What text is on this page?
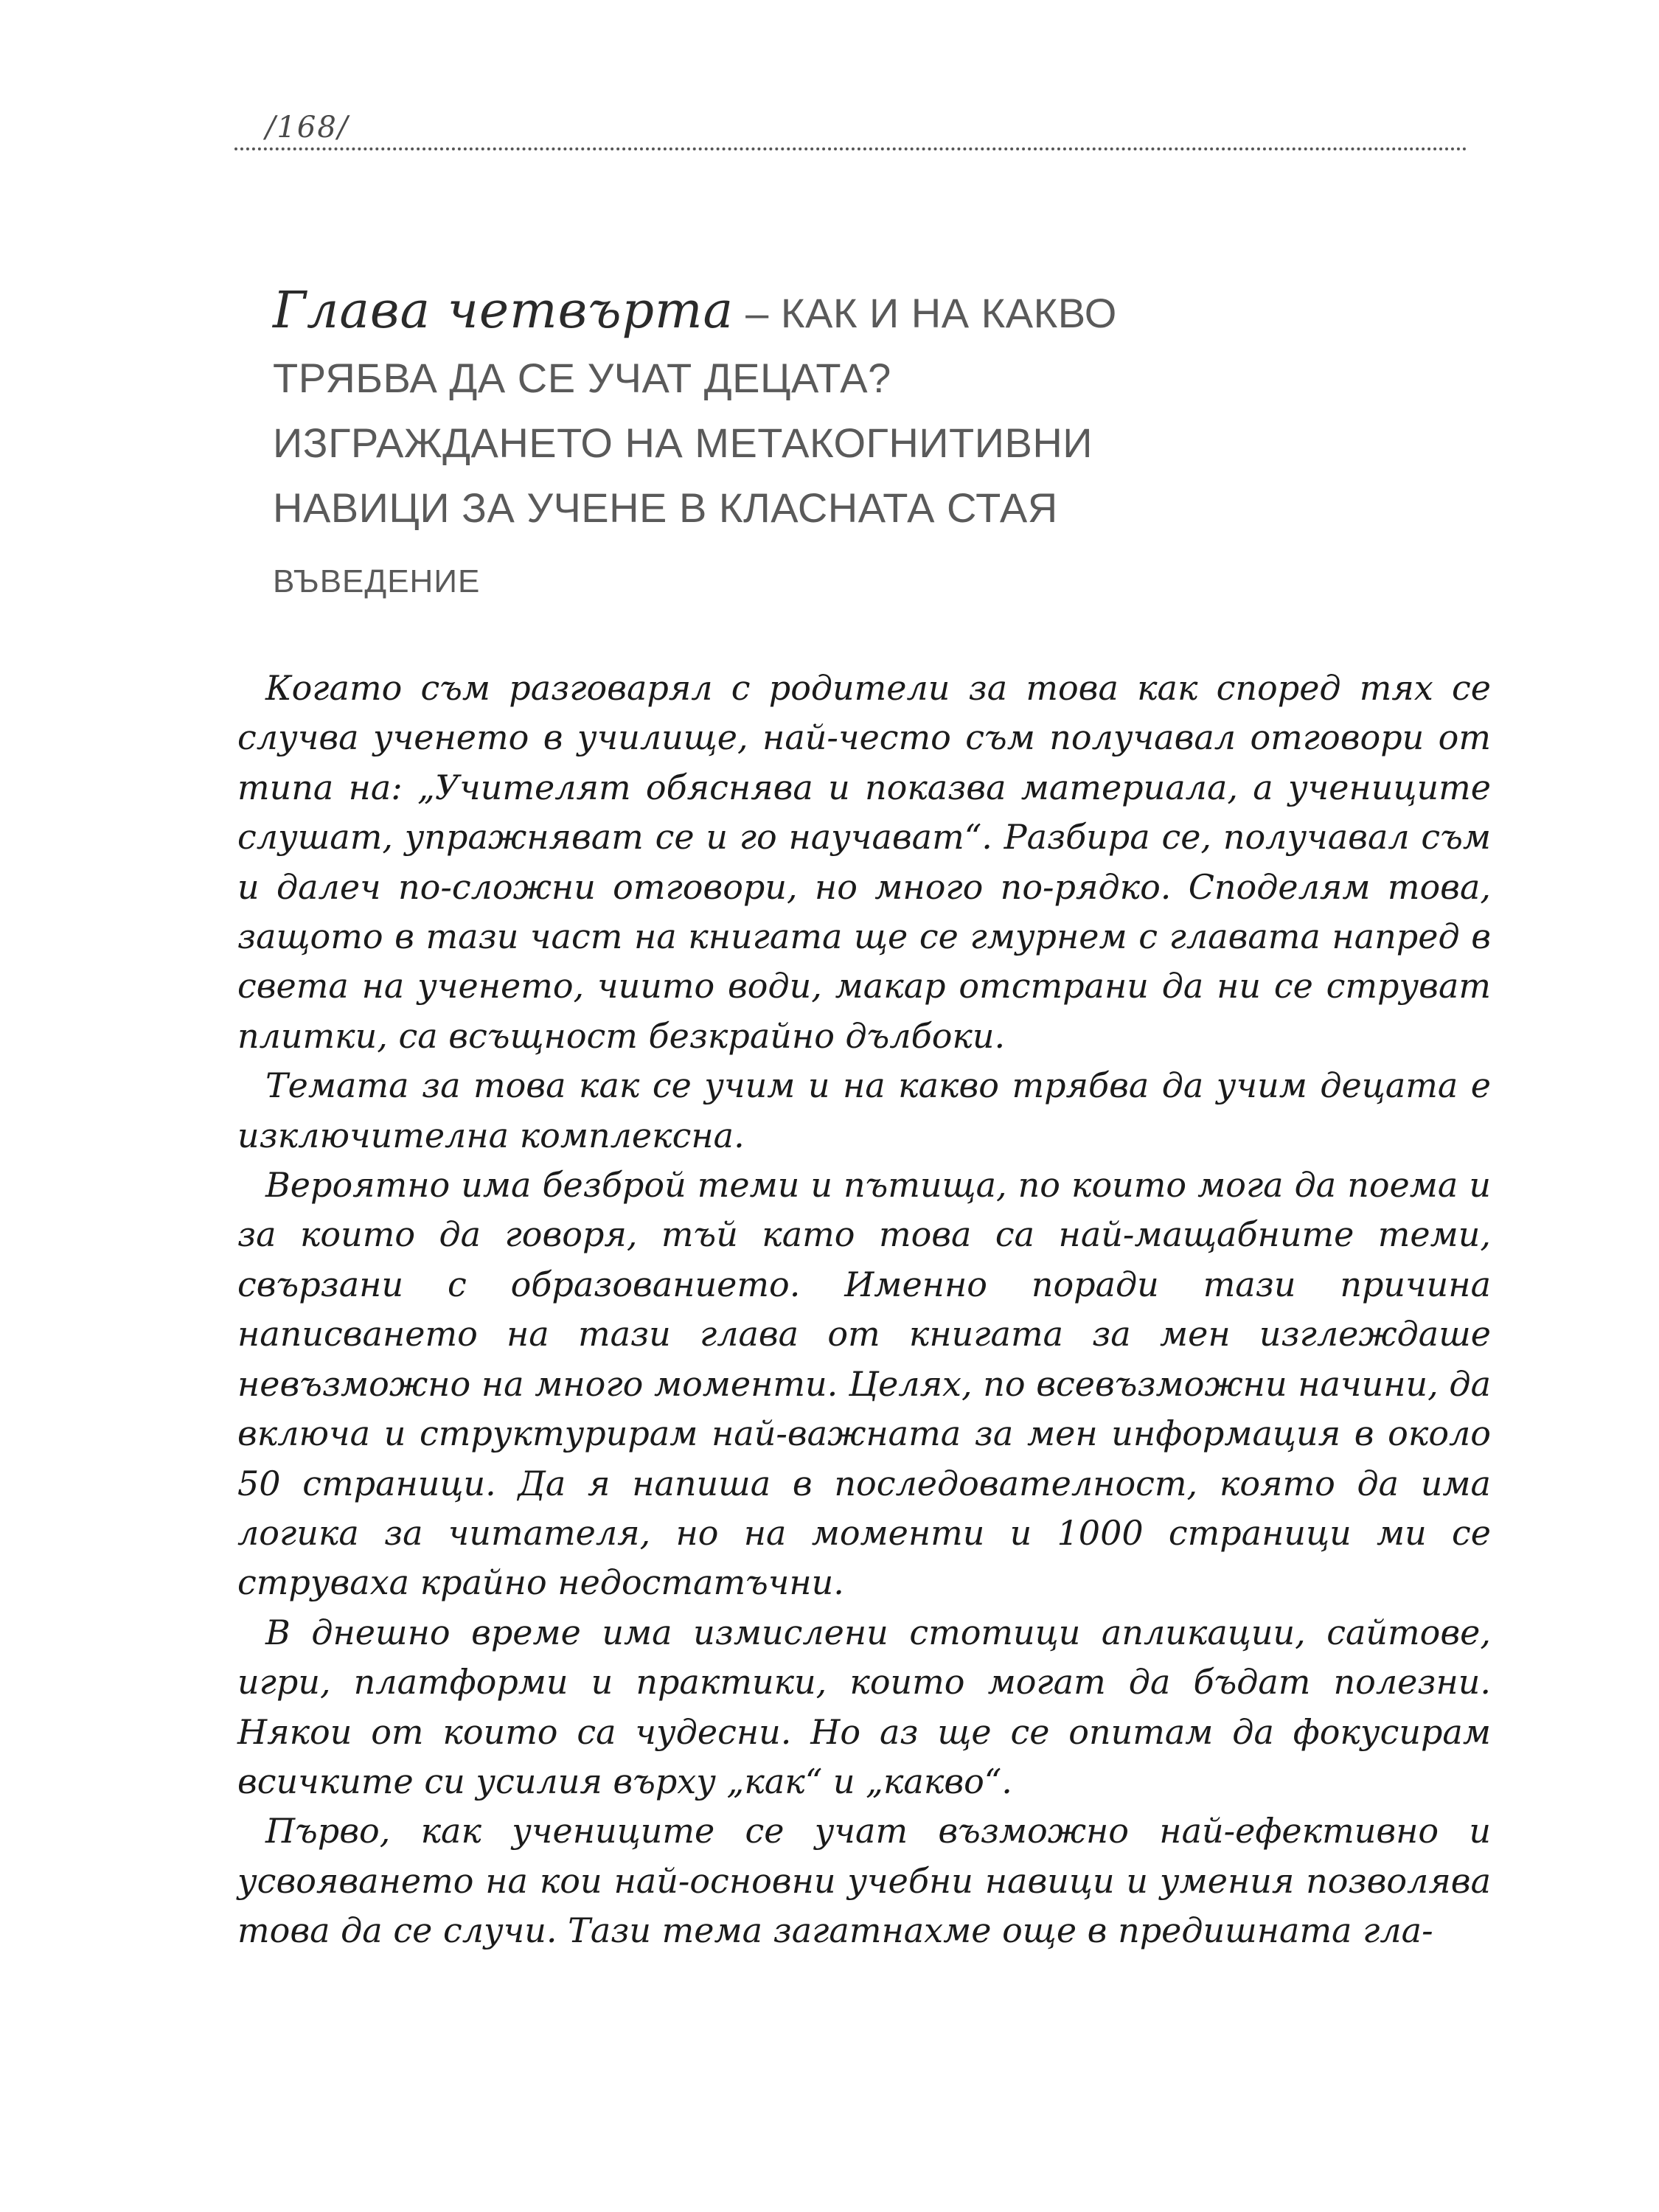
/168/
Глава четвърта – КАК И НА КАКВО ТРЯБВА ДА СЕ УЧАТ ДЕЦАТА? ИЗГРАЖДАНЕТО НА МЕТАКОГНИТИВНИ НАВИЦИ ЗА УЧЕНЕ В КЛАСНАТА СТАЯ
ВЪВЕДЕНИЕ

Когато съм разговарял с родители за това как според тях се случва ученето в училище, най-често съм получавал отговори от типа на: „Учителят обяснява и показва материала, а учениците слушат, упражняват се и го научават“. Разбира се, получавал съм и далеч по-сложни отговори, но много по-рядко. Споделям това, защото в тази част на книгата ще се гмурнем с главата напред в света на ученето, чиито води, макар отстрани да ни се струват плитки, са всъщност безкрайно дълбоки.

Темата за това как се учим и на какво трябва да учим децата е изключителна комплексна.

Вероятно има безброй теми и пътища, по които мога да поема и за които да говоря, тъй като това са най-мащабните теми, свързани с образованието. Именно поради тази причина написването на тази глава от книгата за мен изглеждаше невъзможно на много моменти. Целях, по всевъзможни начини, да включа и структурирам най-важната за мен информация в около 50 страници. Да я напиша в последователност, която да има логика за читателя, но на моменти и 1000 страници ми се струваха крайно недостатъчни.

В днешно време има измислени стотици апликации, сайтове, игри, платформи и практики, които могат да бъдат полезни. Някои от които са чудесни. Но аз ще се опитам да фокусирам всичките си усилия върху „как“ и „какво“.

Първо, как учениците се учат възможно най-ефективно и усвояването на кои най-основни учебни навици и умения позволява това да се случи. Тази тема загатнахме още в предишната гла-
